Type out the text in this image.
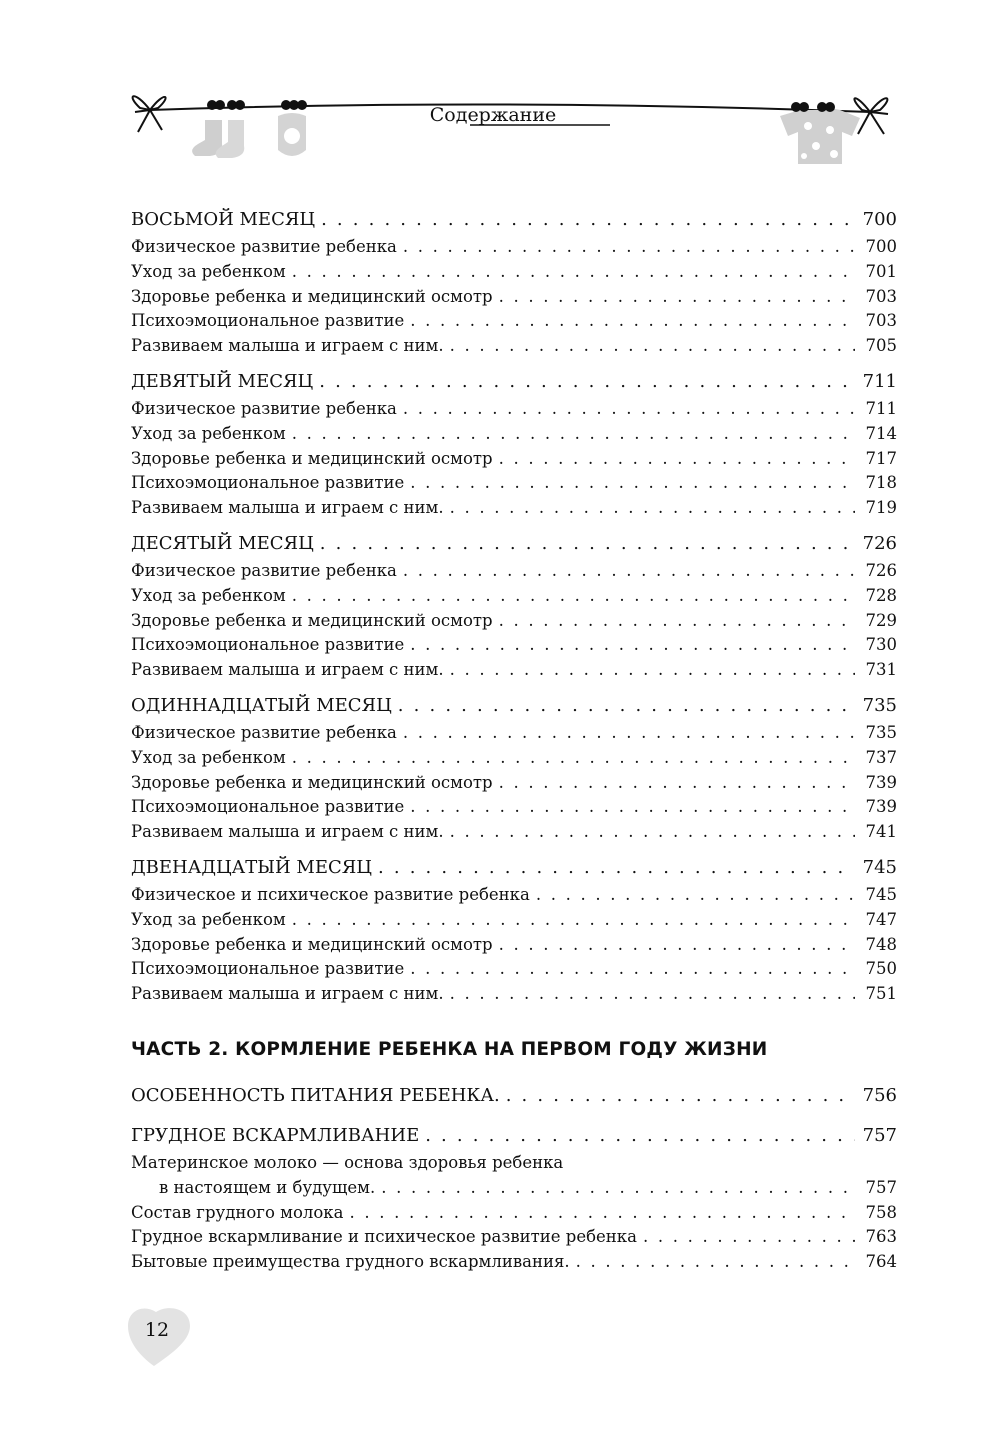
Содержание
ВОСЬМОЙ МЕСЯЦ . . .	700
Физическое развитие ребенка . . .	700
Уход за ребенком . . .	701
Здоровье ребенка и медицинский осмотр . . .	703
Психоэмоциональное развитие . . .	703
Развиваем малыша и играем с ним. . . .	705
ДЕВЯТЫЙ МЕСЯЦ . . .	711
Физическое развитие ребенка . . .	711
Уход за ребенком . . .	714
Здоровье ребенка и медицинский осмотр . . .	717
Психоэмоциональное развитие . . .	718
Развиваем малыша и играем с ним. . . .	719
ДЕСЯТЫЙ МЕСЯЦ . . .	726
Физическое развитие ребенка . . .	726
Уход за ребенком . . .	728
Здоровье ребенка и медицинский осмотр . . .	729
Психоэмоциональное развитие . . .	730
Развиваем малыша и играем с ним. . . .	731
ОДИННАДЦАТЫЙ МЕСЯЦ . . .	735
Физическое развитие ребенка . . .	735
Уход за ребенком . . .	737
Здоровье ребенка и медицинский осмотр . . .	739
Психоэмоциональное развитие . . .	739
Развиваем малыша и играем с ним. . . .	741
ДВЕНАДЦАТЫЙ МЕСЯЦ . . .	745
Физическое и психическое развитие ребенка . . .	745
Уход за ребенком . . .	747
Здоровье ребенка и медицинский осмотр . . .	748
Психоэмоциональное развитие . . .	750
Развиваем малыша и играем с ним. . . .	751
ЧАСТЬ 2. КОРМЛЕНИЕ РЕБЕНКА НА ПЕРВОМ ГОДУ ЖИЗНИ
ОСОБЕННОСТЬ ПИТАНИЯ РЕБЕНКА. . . .	756
ГРУДНОЕ ВСКАРМЛИВАНИЕ . . .	757
Материнское молоко — основа здоровья ребенка
в настоящем и будущем. . . .	757
Состав грудного молока . . .	758
Грудное вскармливание и психическое развитие ребенка . . .	763
Бытовые преимущества грудного вскармливания. . . .	764
12
